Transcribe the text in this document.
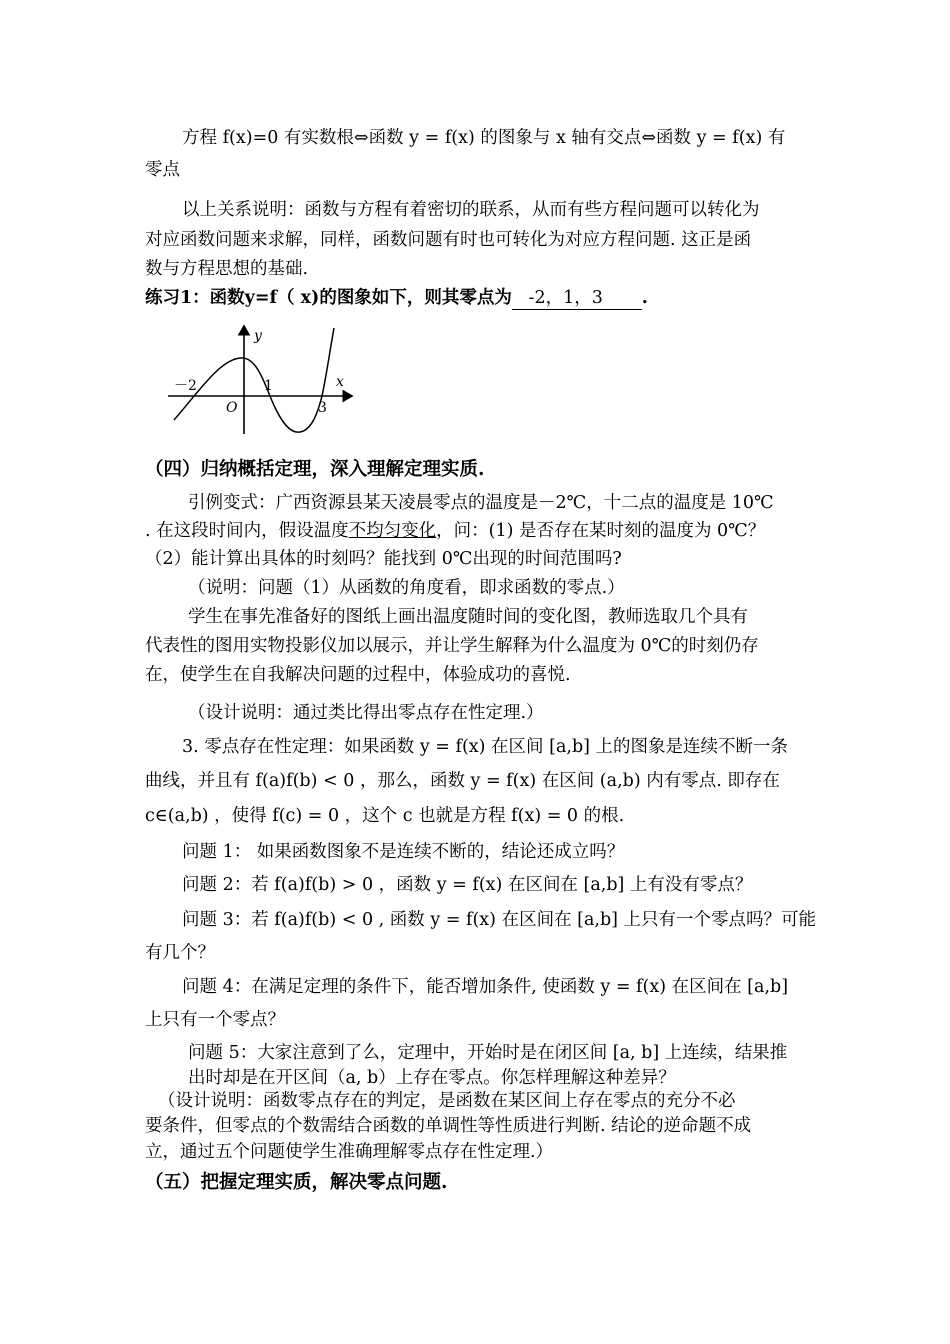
方程 f(x)=0 有实数根⇔函数 y = f(x) 的图象与 x 轴有交点⇔函数 y = f(x) 有
零点
以上关系说明：函数与方程有着密切的联系，从而有些方程问题可以转化为
对应函数问题来求解，同样，函数问题有时也可转化为对应方程问题. 这正是函
数与方程思想的基础.
练习1：函数y=f（ x)的图象如下，则其零点为   -2，1，3       .
y
x
O
－2	1
3
（四）归纳概括定理，深入理解定理实质.
引例变式：广西资源县某天凌晨零点的温度是－2℃，十二点的温度是 10℃
. 在这段时间内，假设温度不均匀变化，问：(1) 是否存在某时刻的温度为 0℃？
（2）能计算出具体的时刻吗？能找到 0℃出现的时间范围吗?
（说明：问题（1）从函数的角度看，即求函数的零点.）
学生在事先准备好的图纸上画出温度随时间的变化图，教师选取几个具有
代表性的图用实物投影仪加以展示，并让学生解释为什么温度为 0℃的时刻仍存
在，使学生在自我解决问题的过程中，体验成功的喜悦.
（设计说明：通过类比得出零点存在性定理.）
3. 零点存在性定理：如果函数 y = f(x) 在区间 [a,b] 上的图象是连续不断一条
曲线，并且有 f(a)f(b) < 0 ，那么，函数 y = f(x) 在区间 (a,b) 内有零点. 即存在
c∈(a,b) ，使得 f(c) = 0 ，这个 c 也就是方程 f(x) = 0 的根.
问题 1： 如果函数图象不是连续不断的，结论还成立吗？
问题 2：若 f(a)f(b) > 0 ，函数 y = f(x) 在区间在 [a,b] 上有没有零点？
问题 3：若 f(a)f(b) < 0 , 函数 y = f(x) 在区间在 [a,b] 上只有一个零点吗？可能
有几个？
问题 4：在满足定理的条件下，能否增加条件, 使函数 y = f(x) 在区间在 [a,b]
上只有一个零点？
问题 5：大家注意到了么，定理中，开始时是在闭区间 [a, b] 上连续，结果推
出时却是在开区间（a, b）上存在零点。你怎样理解这种差异？
（设计说明：函数零点存在的判定，是函数在某区间上存在零点的充分不必
要条件，但零点的个数需结合函数的单调性等性质进行判断. 结论的逆命题不成
立，通过五个问题使学生准确理解零点存在性定理.）
（五）把握定理实质，解决零点问题.
